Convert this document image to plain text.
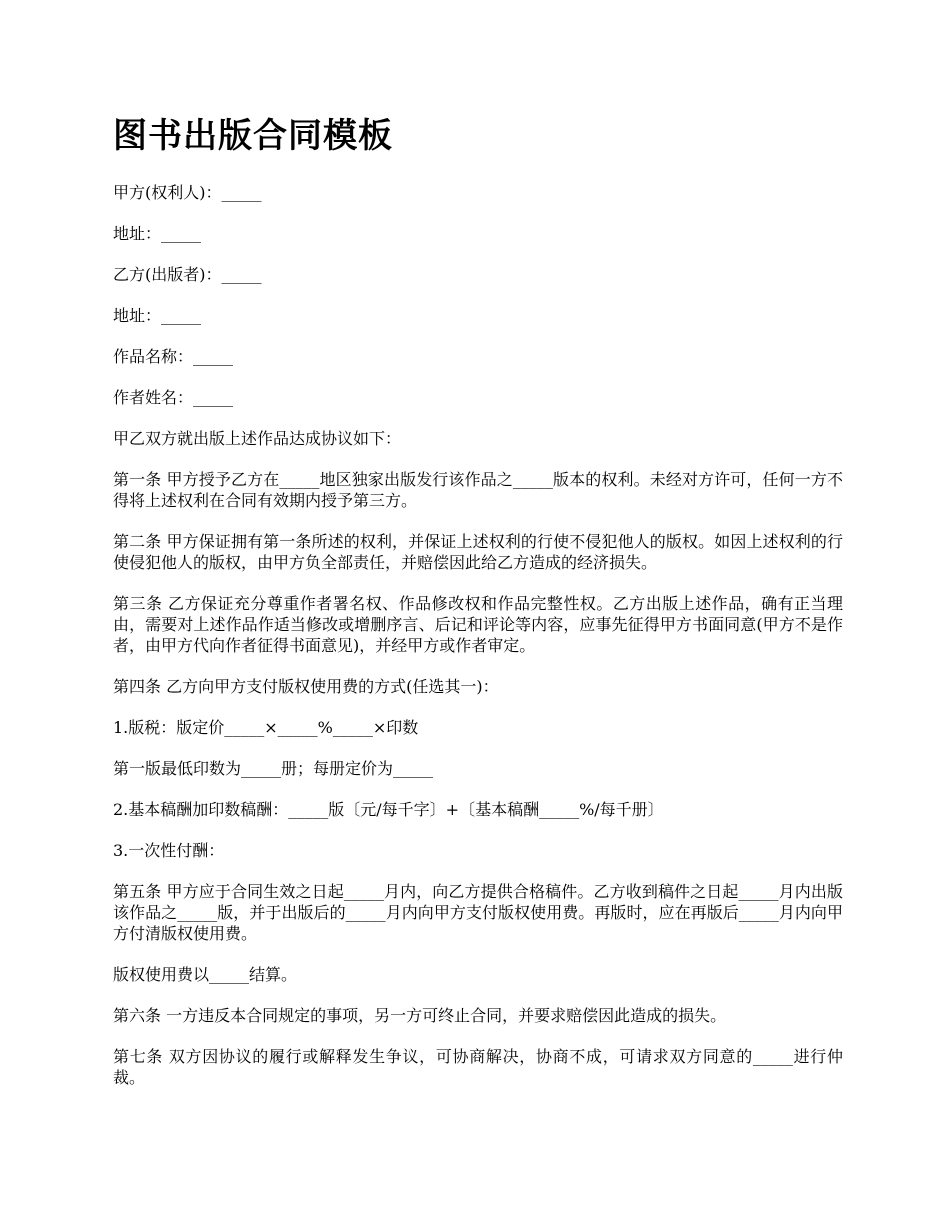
图书出版合同模板

甲方(权利人)：_____

地址：_____

乙方(出版者)：_____

地址：_____

作品名称：_____

作者姓名：_____

甲乙双方就出版上述作品达成协议如下：

第一条 甲方授予乙方在_____地区独家出版发行该作品之_____版本的权利。未经对方许可，任何一方不得将上述权利在合同有效期内授予第三方。

第二条 甲方保证拥有第一条所述的权利，并保证上述权利的行使不侵犯他人的版权。如因上述权利的行使侵犯他人的版权，由甲方负全部责任，并赔偿因此给乙方造成的经济损失。

第三条 乙方保证充分尊重作者署名权、作品修改权和作品完整性权。乙方出版上述作品，确有正当理由，需要对上述作品作适当修改或增删序言、后记和评论等内容，应事先征得甲方书面同意(甲方不是作者，由甲方代向作者征得书面意见)，并经甲方或作者审定。

第四条 乙方向甲方支付版权使用费的方式(任选其一)：

1.版税：版定价_____×_____%_____×印数

第一版最低印数为_____册；每册定价为_____

2.基本稿酬加印数稿酬：_____版〔元/每千字〕+〔基本稿酬_____%/每千册〕

3.一次性付酬：

第五条 甲方应于合同生效之日起_____月内，向乙方提供合格稿件。乙方收到稿件之日起_____月内出版该作品之_____版，并于出版后的_____月内向甲方支付版权使用费。再版时，应在再版后_____月内向甲方付清版权使用费。

版权使用费以_____结算。

第六条 一方违反本合同规定的事项，另一方可终止合同，并要求赔偿因此造成的损失。

第七条 双方因协议的履行或解释发生争议，可协商解决，协商不成，可请求双方同意的_____进行仲裁。
